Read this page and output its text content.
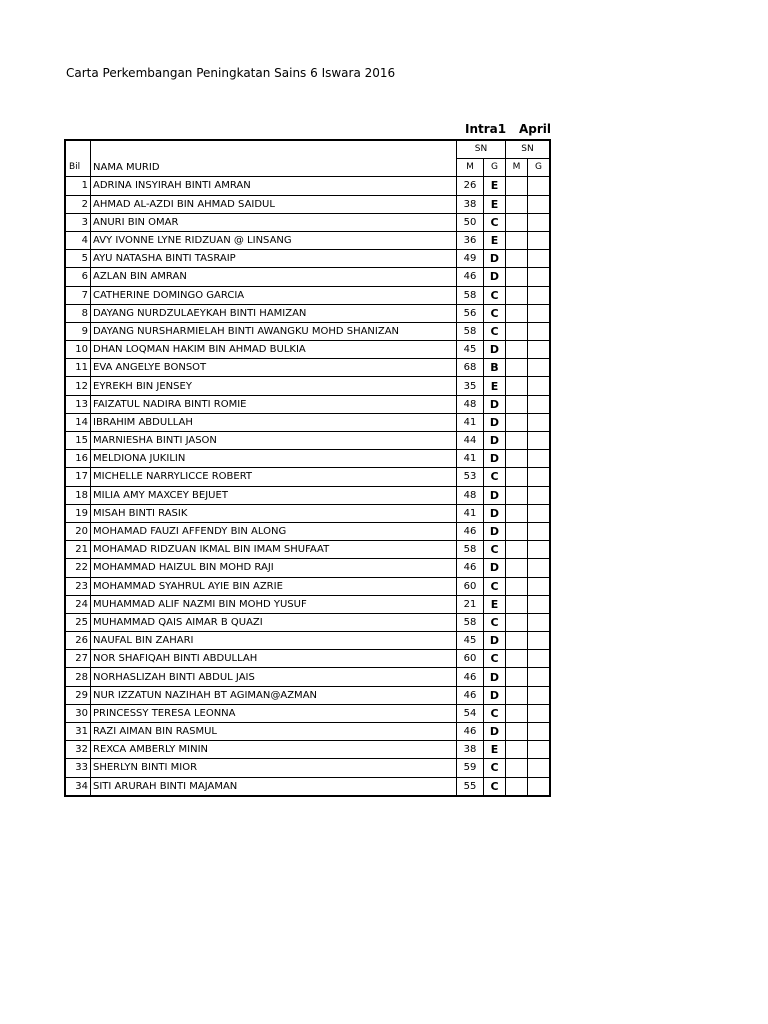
Carta Perkembangan Peningkatan Sains 6 Iswara 2016
Intra1 April
		SN		SN	
Bil	NAMA MURID	M	G	M	G
1	ADRINA INSYIRAH BINTI AMRAN	26	E		
2	AHMAD AL-AZDI BIN AHMAD SAIDUL	38	E		
3	ANURI BIN OMAR	50	C		
4	AVY IVONNE LYNE RIDZUAN @ LINSANG	36	E		
5	AYU NATASHA BINTI TASRAIP	49	D		
6	AZLAN BIN AMRAN	46	D		
7	CATHERINE DOMINGO GARCIA	58	C		
8	DAYANG NURDZULAEYKAH BINTI HAMIZAN	56	C		
9	DAYANG NURSHARMIELAH BINTI AWANGKU MOHD SHANIZAN	58	C		
10	DHAN LOQMAN HAKIM BIN AHMAD BULKIA	45	D		
11	EVA ANGELYE BONSOT	68	B		
12	EYREKH BIN JENSEY	35	E		
13	FAIZATUL NADIRA BINTI ROMIE	48	D		
14	IBRAHIM ABDULLAH	41	D		
15	MARNIESHA BINTI JASON	44	D		
16	MELDIONA JUKILIN	41	D		
17	MICHELLE NARRYLICCE ROBERT	53	C		
18	MILIA AMY MAXCEY BEJUET	48	D		
19	MISAH BINTI RASIK	41	D		
20	MOHAMAD FAUZI AFFENDY BIN ALONG	46	D		
21	MOHAMAD RIDZUAN IKMAL BIN IMAM SHUFAAT	58	C		
22	MOHAMMAD HAIZUL BIN MOHD RAJI	46	D		
23	MOHAMMAD SYAHRUL AYIE BIN AZRIE	60	C		
24	MUHAMMAD ALIF NAZMI BIN MOHD YUSUF	21	E		
25	MUHAMMAD QAIS AIMAR B QUAZI	58	C		
26	NAUFAL BIN ZAHARI	45	D		
27	NOR SHAFIQAH BINTI ABDULLAH	60	C		
28	NORHASLIZAH BINTI ABDUL JAIS	46	D		
29	NUR IZZATUN NAZIHAH BT AGIMAN@AZMAN	46	D		
30	PRINCESSY TERESA LEONNA	54	C		
31	RAZI AIMAN BIN RASMUL	46	D		
32	REXCA AMBERLY MININ	38	E		
33	SHERLYN BINTI MIOR	59	C		
34	SITI ARURAH BINTI MAJAMAN	55	C		
